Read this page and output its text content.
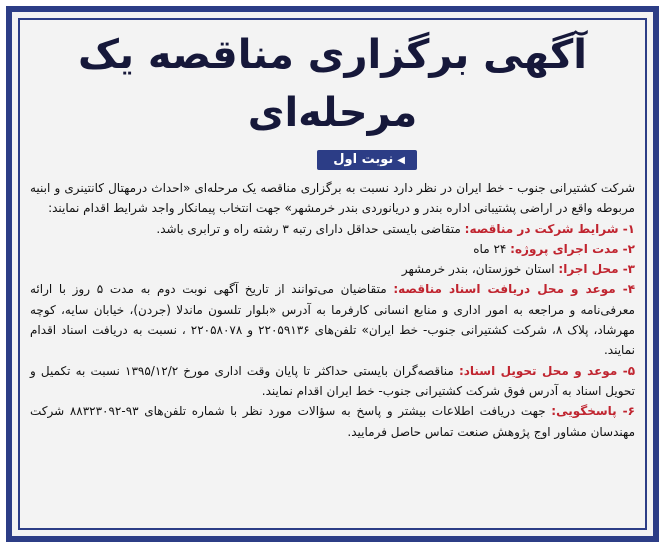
آگهی برگزاری مناقصه یک مرحله‌ای
◀نوبت اول

شرکت کشتیرانی جنوب - خط ایران در نظر دارد نسبت به برگزاری مناقصه یک مرحله‌ای «احداث درمهتال کانتینری و ابنیه مربوطه واقع در اراضی پشتیبانی اداره بندر و دریانوردی بندر خرمشهر» جهت انتخاب پیمانکار واجد شرایط اقدام نمایند:

۱- شرایط شرکت در مناقصه: متقاضی بایستی حداقل دارای رتبه ۳ رشته راه و ترابری باشد.

۲- مدت اجرای پروژه: ۲۴ ماه

۳- محل اجرا: استان خوزستان، بندر خرمشهر

۴- موعد و محل دریافت اسناد مناقصه: متقاضیان می‌توانند از تاریخ آگهی نوبت دوم به مدت ۵ روز با ارائه معرفی‌نامه و مراجعه به امور اداری و منابع انسانی کارفرما به آدرس «بلوار تلسون ماندلا (جردن)، خیابان سایه، کوچه مهرشاد، پلاک ۸، شرکت کشتیرانی جنوب- خط ایران» تلفن‌های ۲۲۰۵۹۱۳۶ و ۲۲۰۵۸۰۷۸ ، نسبت به دریافت اسناد اقدام نمایند.

۵- موعد و محل تحویل اسناد: مناقصه‌گران بایستی حداکثر تا پایان وقت اداری مورخ ۱۳۹۵/۱۲/۲ نسبت به تکمیل و تحویل اسناد به آدرس فوق شرکت کشتیرانی جنوب- خط ایران اقدام نمایند.

۶- پاسخگویی: جهت دریافت اطلاعات بیشتر و پاسخ به سؤالات مورد نظر با شماره تلفن‌های ۹۳-۸۸۳۲۳۰۹۲ شرکت مهندسان مشاور اوج پژوهش صنعت تماس حاصل فرمایید.
